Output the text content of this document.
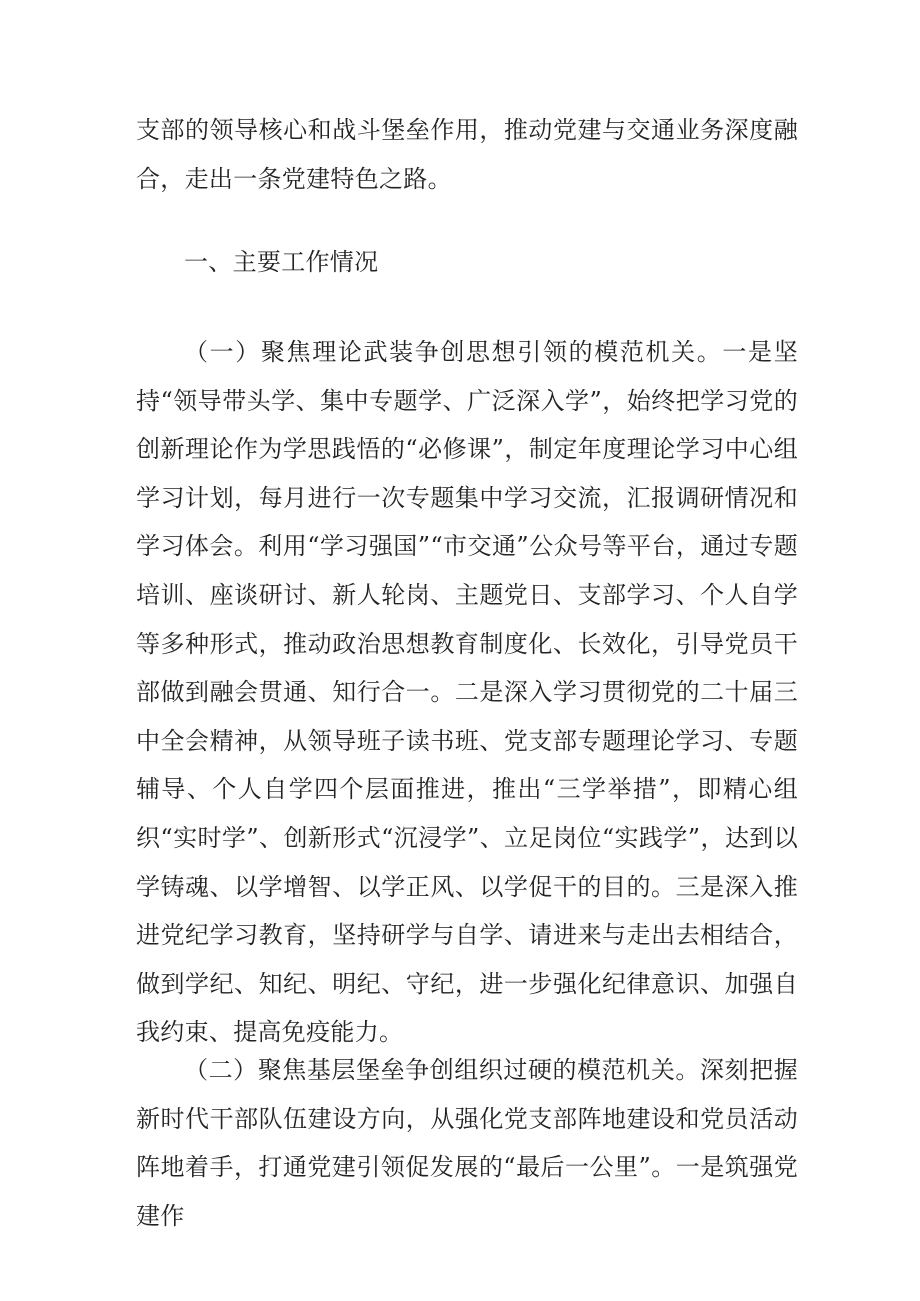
支部的领导核心和战斗堡垒作用，推动党建与交通业务深度融合，走出一条党建特色之路。

一、主要工作情况

（一）聚焦理论武装争创思想引领的模范机关。一是坚持“领导带头学、集中专题学、广泛深入学”，始终把学习党的创新理论作为学思践悟的“必修课”，制定年度理论学习中心组学习计划，每月进行一次专题集中学习交流，汇报调研情况和学习体会。利用“学习强国”“市交通”公众号等平台，通过专题培训、座谈研讨、新人轮岗、主题党日、支部学习、个人自学等多种形式，推动政治思想教育制度化、长效化，引导党员干部做到融会贯通、知行合一。二是深入学习贯彻党的二十届三中全会精神，从领导班子读书班、党支部专题理论学习、专题辅导、个人自学四个层面推进，推出“三学举措”，即精心组织“实时学”、创新形式“沉浸学”、立足岗位“实践学”，达到以学铸魂、以学增智、以学正风、以学促干的目的。三是深入推进党纪学习教育，坚持研学与自学、请进来与走出去相结合，做到学纪、知纪、明纪、守纪，进一步强化纪律意识、加强自我约束、提高免疫能力。

（二）聚焦基层堡垒争创组织过硬的模范机关。深刻把握新时代干部队伍建设方向，从强化党支部阵地建设和党员活动阵地着手，打通党建引领促发展的“最后一公里”。一是筑强党建作
